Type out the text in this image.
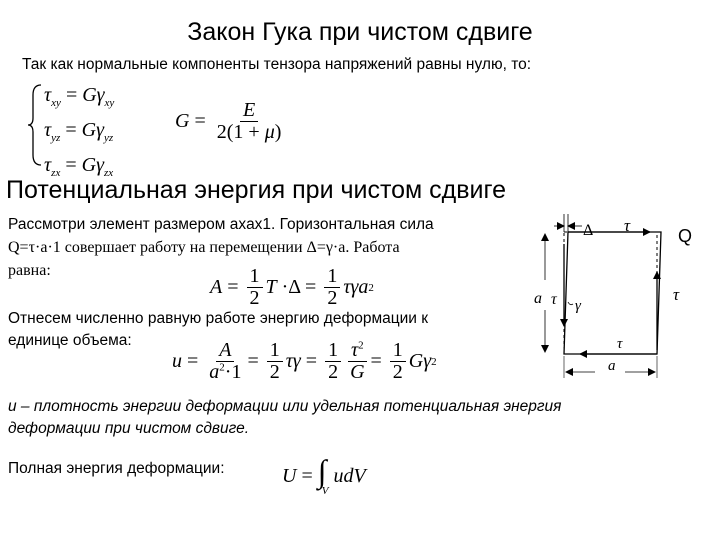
Закон Гука при чистом сдвиге
Так как нормальные компоненты тензора напряжений равны нулю, то:
$\tau_{xy} = G\gamma_{xy}$
$\tau_{yz} = G\gamma_{yz}$
$\tau_{zx} = G\gamma_{zx}$
$G = \frac{E}{2(1 + \mu)}$
Потенциальная энергия при чистом сдвиге
Рассмотри элемент размером аxаx1. Горизонтальная сила
Q=τ·a·1 совершает работу на перемещении Δ=γ·a. Работа
равна:
$A = \frac{1}{2}$ $T \cdot\Delta = \frac{1}{2}$ τγa 2
Отнесем численно равную работе энергию деформации к
единице объема:
$u = \frac{A}{a^2\cdot 1} = \frac{1}{2}$ $\tau\gamma = \frac{1}{2} \frac{\tau^2}{G} = \frac{1}{2}$ Gγ 2
u – плотность энергии деформации или удельная потенциальная энергия
деформации при чистом сдвиге.
Полная энергия деформации:	U = ∫
V
udV
Δ τ
Q
τ
a τ γ
τ
a
